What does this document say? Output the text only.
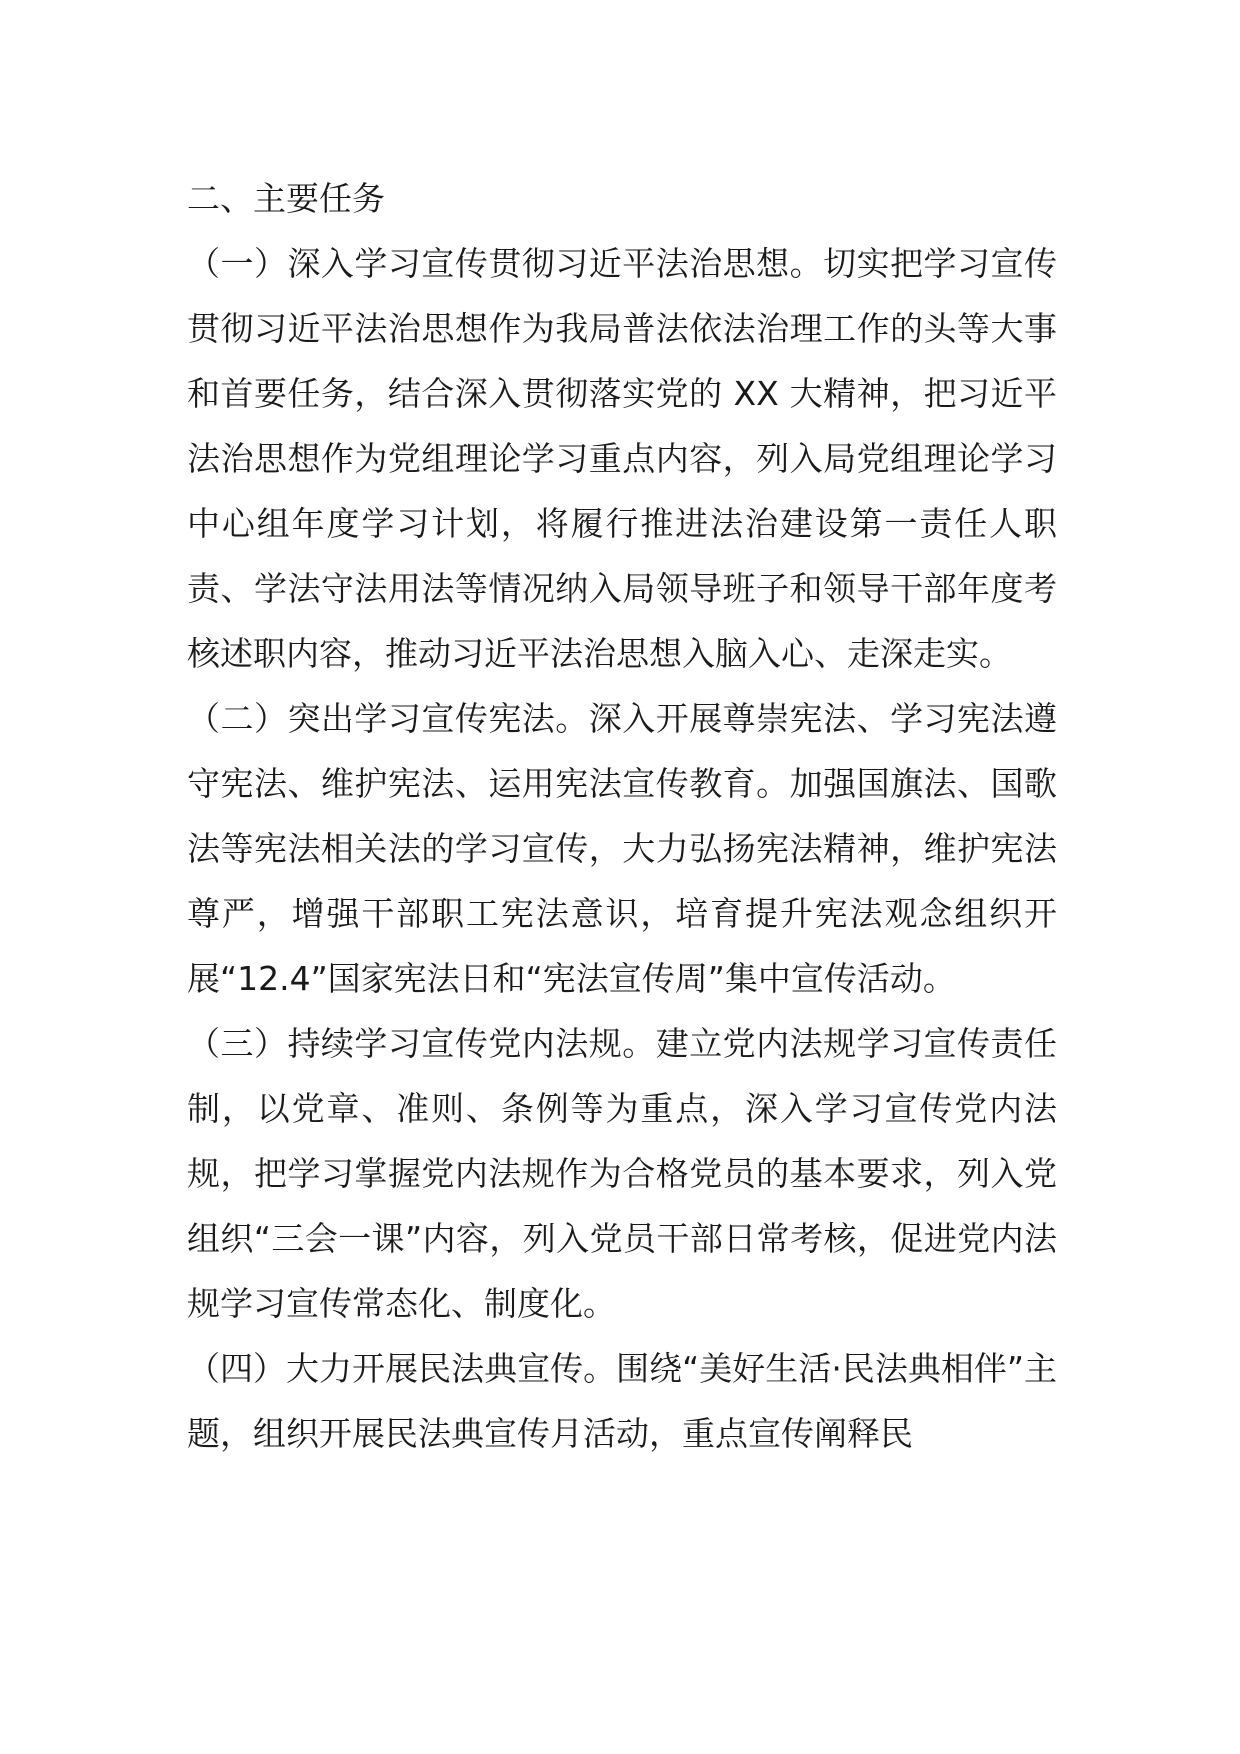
二、主要任务

（一）深入学习宣传贯彻习近平法治思想。切实把学习宣传贯彻习近平法治思想作为我局普法依法治理工作的头等大事和首要任务，结合深入贯彻落实党的 XX 大精神，把习近平法治思想作为党组理论学习重点内容，列入局党组理论学习中心组年度学习计划，将履行推进法治建设第一责任人职责、学法守法用法等情况纳入局领导班子和领导干部年度考核述职内容，推动习近平法治思想入脑入心、走深走实。

（二）突出学习宣传宪法。深入开展尊崇宪法、学习宪法遵守宪法、维护宪法、运用宪法宣传教育。加强国旗法、国歌法等宪法相关法的学习宣传，大力弘扬宪法精神，维护宪法尊严，增强干部职工宪法意识，培育提升宪法观念组织开展“12.4”国家宪法日和“宪法宣传周”集中宣传活动。

（三）持续学习宣传党内法规。建立党内法规学习宣传责任制，以党章、准则、条例等为重点，深入学习宣传党内法规，把学习掌握党内法规作为合格党员的基本要求，列入党组织“三会一课”内容，列入党员干部日常考核，促进党内法规学习宣传常态化、制度化。

（四）大力开展民法典宣传。围绕“美好生活·民法典相伴”主题，组织开展民法典宣传月活动，重点宣传阐释民
